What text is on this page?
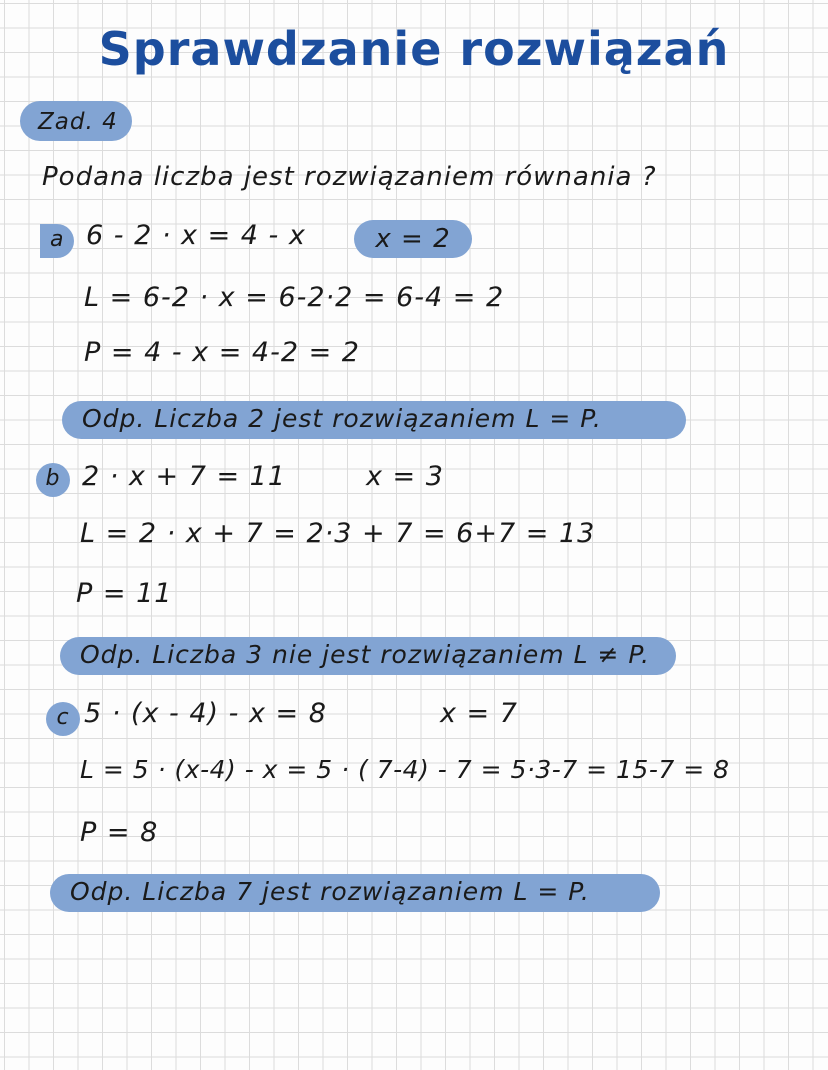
Sprawdzanie rozwiązań
Zad. 4
Podana liczba jest rozwiązaniem równania ?
a 6 - 2 · x = 4 - x	x = 2
L = 6-2 · x = 6-2·2 = 6-4 = 2
P = 4 - x = 4-2 = 2
Odp. Liczba 2 jest rozwiązaniem L = P.
b 2 · x + 7 = 11	x = 3
L = 2 · x + 7 = 2·3 + 7 = 6+7 = 13
P = 11
Odp. Liczba 3 nie jest rozwiązaniem L ≠ P.
c 5 · (x - 4) - x = 8	x = 7
L = 5 · (x-4) - x = 5 · ( 7-4) - 7 = 5·3-7 = 15-7 = 8
P = 8
Odp. Liczba 7 jest rozwiązaniem L = P.
